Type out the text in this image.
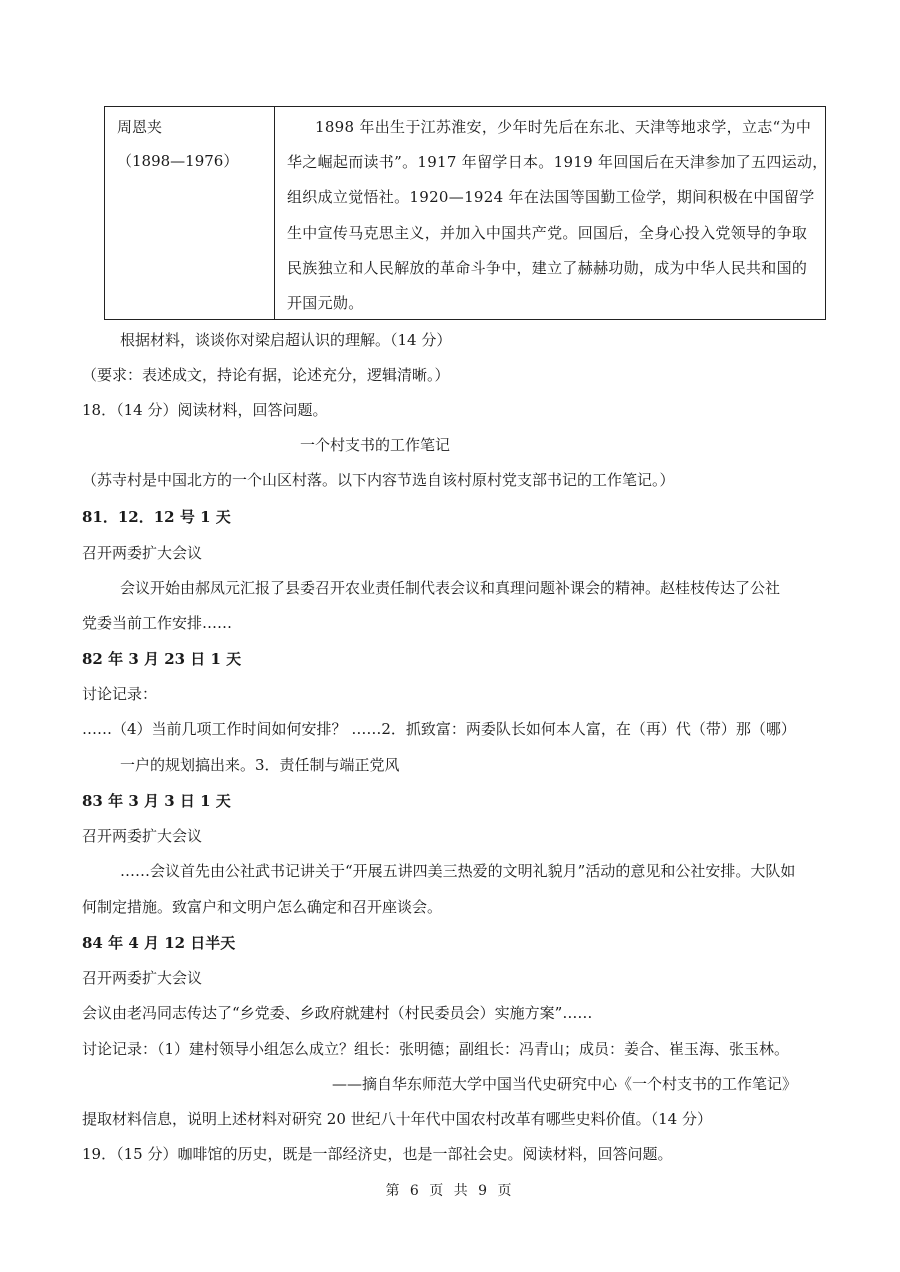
周恩夹
（1898—1976）
1898 年出生于江苏淮安，少年时先后在东北、天津等地求学，立志“为中
华之崛起而读书”。1917 年留学日本。1919 年回国后在天津参加了五四运动，
组织成立觉悟社。1920—1924 年在法国等国勤工俭学，期间积极在中国留学
生中宣传马克思主义，并加入中国共产党。回国后，全身心投入党领导的争取
民族独立和人民解放的革命斗争中，建立了赫赫功勋，成为中华人民共和国的
开国元勋。
根据材料，谈谈你对梁启超认识的理解。（14 分）
（要求：表述成文，持论有据，论述充分，逻辑清晰。）
18．（14 分）阅读材料，回答问题。
一个村支书的工作笔记
（苏寺村是中国北方的一个山区村落。以下内容节选自该村原村党支部书记的工作笔记。）
81．12．12 号 1 天
召开两委扩大会议
会议开始由郝凤元汇报了县委召开农业责任制代表会议和真理问题补课会的精神。赵桂枝传达了公社
党委当前工作安排……
82 年 3 月 23 日 1 天
讨论记录：
……（4）当前几项工作时间如何安排？ ……2．抓致富：两委队长如何本人富，在（再）代（带）那（哪）
一户的规划搞出来。3．责任制与端正党风
83 年 3 月 3 日 1 天
召开两委扩大会议
……会议首先由公社武书记讲关于“开展五讲四美三热爱的文明礼貌月”活动的意见和公社安排。大队如
何制定措施。致富户和文明户怎么确定和召开座谈会。
84 年 4 月 12 日半天
召开两委扩大会议
会议由老冯同志传达了“乡党委、乡政府就建村（村民委员会）实施方案”……
讨论记录：（1）建村领导小组怎么成立？组长：张明德；副组长：冯青山；成员：姜合、崔玉海、张玉林。
——摘自华东师范大学中国当代史研究中心《一个村支书的工作笔记》
提取材料信息，说明上述材料对研究 20 世纪八十年代中国农村改革有哪些史料价值。（14 分）
19．（15 分）咖啡馆的历史，既是一部经济史，也是一部社会史。阅读材料，回答问题。
第 6 页 共 9 页
